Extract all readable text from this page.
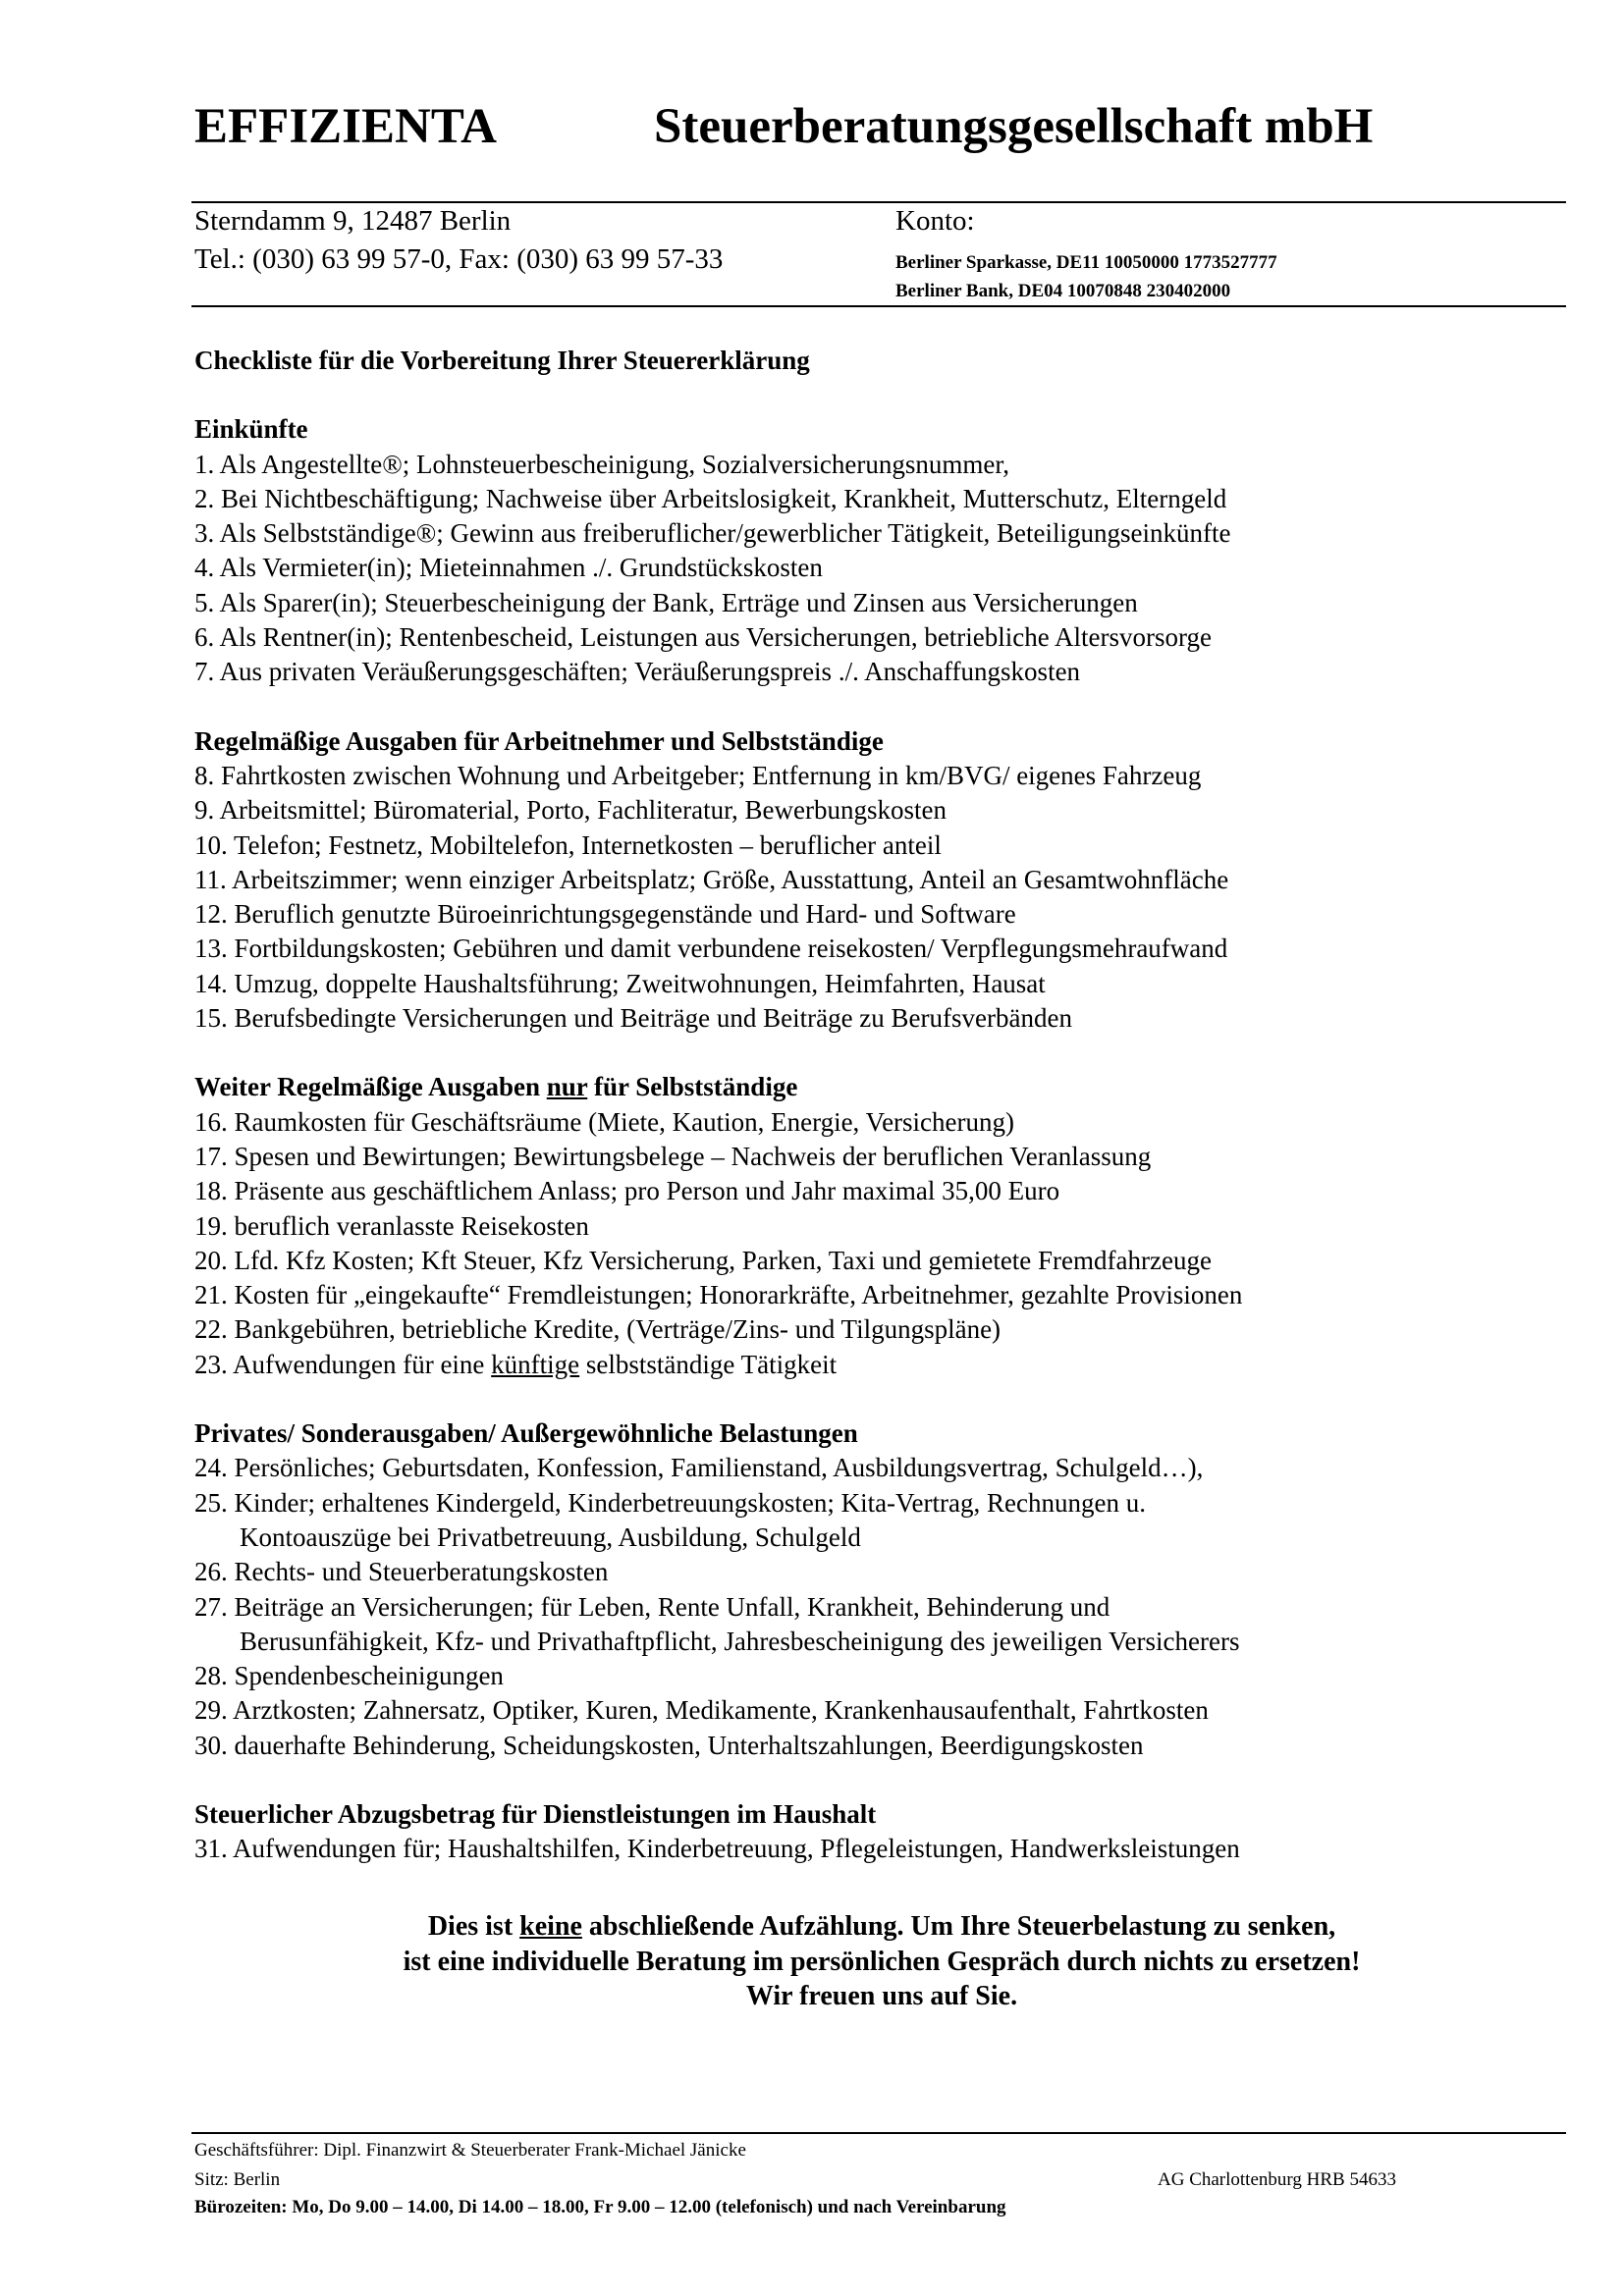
EFFIZIENTA	Steuerberatungsgesellschaft mbH
Sterndamm 9, 12487 Berlin
Tel.: (030) 63 99 57-0, Fax: (030) 63 99 57-33
Konto:
Berliner Sparkasse, DE11 10050000 1773527777
Berliner Bank, DE04 10070848 230402000

Checkliste für die Vorbereitung Ihrer Steuererklärung

Einkünfte

1. Als Angestellte®; Lohnsteuerbescheinigung, Sozialversicherungsnummer,
2. Bei Nichtbeschäftigung; Nachweise über Arbeitslosigkeit, Krankheit, Mutterschutz, Elterngeld
3. Als Selbstständige®; Gewinn aus freiberuflicher/gewerblicher Tätigkeit, Beteiligungseinkünfte
4. Als Vermieter(in); Mieteinnahmen ./. Grundstückskosten
5. Als Sparer(in); Steuerbescheinigung der Bank, Erträge und Zinsen aus Versicherungen
6. Als Rentner(in); Rentenbescheid, Leistungen aus Versicherungen, betriebliche Altersvorsorge
7. Aus privaten Veräußerungsgeschäften; Veräußerungspreis ./. Anschaffungskosten

Regelmäßige Ausgaben für Arbeitnehmer und Selbstständige

8. Fahrtkosten zwischen Wohnung und Arbeitgeber; Entfernung in km/BVG/ eigenes Fahrzeug
9. Arbeitsmittel; Büromaterial, Porto, Fachliteratur, Bewerbungskosten
10. Telefon; Festnetz, Mobiltelefon, Internetkosten – beruflicher anteil
11. Arbeitszimmer; wenn einziger Arbeitsplatz; Größe, Ausstattung, Anteil an Gesamtwohnfläche
12. Beruflich genutzte Büroeinrichtungsgegenstände und Hard- und Software
13. Fortbildungskosten; Gebühren und damit verbundene reisekosten/ Verpflegungsmehraufwand
14. Umzug, doppelte Haushaltsführung; Zweitwohnungen, Heimfahrten, Hausat
15. Berufsbedingte Versicherungen und Beiträge und Beiträge zu Berufsverbänden

Weiter Regelmäßige Ausgaben nur für Selbstständige

16. Raumkosten für Geschäftsräume (Miete, Kaution, Energie, Versicherung)
17. Spesen und Bewirtungen; Bewirtungsbelege – Nachweis der beruflichen Veranlassung
18. Präsente aus geschäftlichem Anlass; pro Person und Jahr maximal 35,00 Euro
19. beruflich veranlasste Reisekosten
20. Lfd. Kfz Kosten; Kft Steuer, Kfz Versicherung, Parken, Taxi und gemietete Fremdfahrzeuge
21. Kosten für „eingekaufte“ Fremdleistungen; Honorarkräfte, Arbeitnehmer, gezahlte Provisionen
22. Bankgebühren, betriebliche Kredite, (Verträge/Zins- und Tilgungspläne)
23. Aufwendungen für eine künftige selbstständige Tätigkeit

Privates/ Sonderausgaben/ Außergewöhnliche Belastungen

24. Persönliches; Geburtsdaten, Konfession, Familienstand, Ausbildungsvertrag, Schulgeld…),
25. Kinder; erhaltenes Kindergeld, Kinderbetreuungskosten; Kita-Vertrag, Rechnungen u.
Kontoauszüge bei Privatbetreuung, Ausbildung, Schulgeld
26. Rechts- und Steuerberatungskosten
27. Beiträge an Versicherungen; für Leben, Rente Unfall, Krankheit, Behinderung und
Berusunfähigkeit, Kfz- und Privathaftpflicht, Jahresbescheinigung des jeweiligen Versicherers
28. Spendenbescheinigungen
29. Arztkosten; Zahnersatz, Optiker, Kuren, Medikamente, Krankenhausaufenthalt, Fahrtkosten
30. dauerhafte Behinderung, Scheidungskosten, Unterhaltszahlungen, Beerdigungskosten

Steuerlicher Abzugsbetrag für Dienstleistungen im Haushalt

31. Aufwendungen für; Haushaltshilfen, Kinderbetreuung, Pflegeleistungen, Handwerksleistungen
Dies ist keine abschließende Aufzählung. Um Ihre Steuerbelastung zu senken,
ist eine individuelle Beratung im persönlichen Gespräch durch nichts zu ersetzen!
Wir freuen uns auf Sie.
Geschäftsführer: Dipl. Finanzwirt & Steuerberater Frank-Michael Jänicke
Sitz: Berlin	AG Charlottenburg HRB 54633
Bürozeiten: Mo, Do 9.00 – 14.00, Di 14.00 – 18.00, Fr 9.00 – 12.00 (telefonisch) und nach Vereinbarung
